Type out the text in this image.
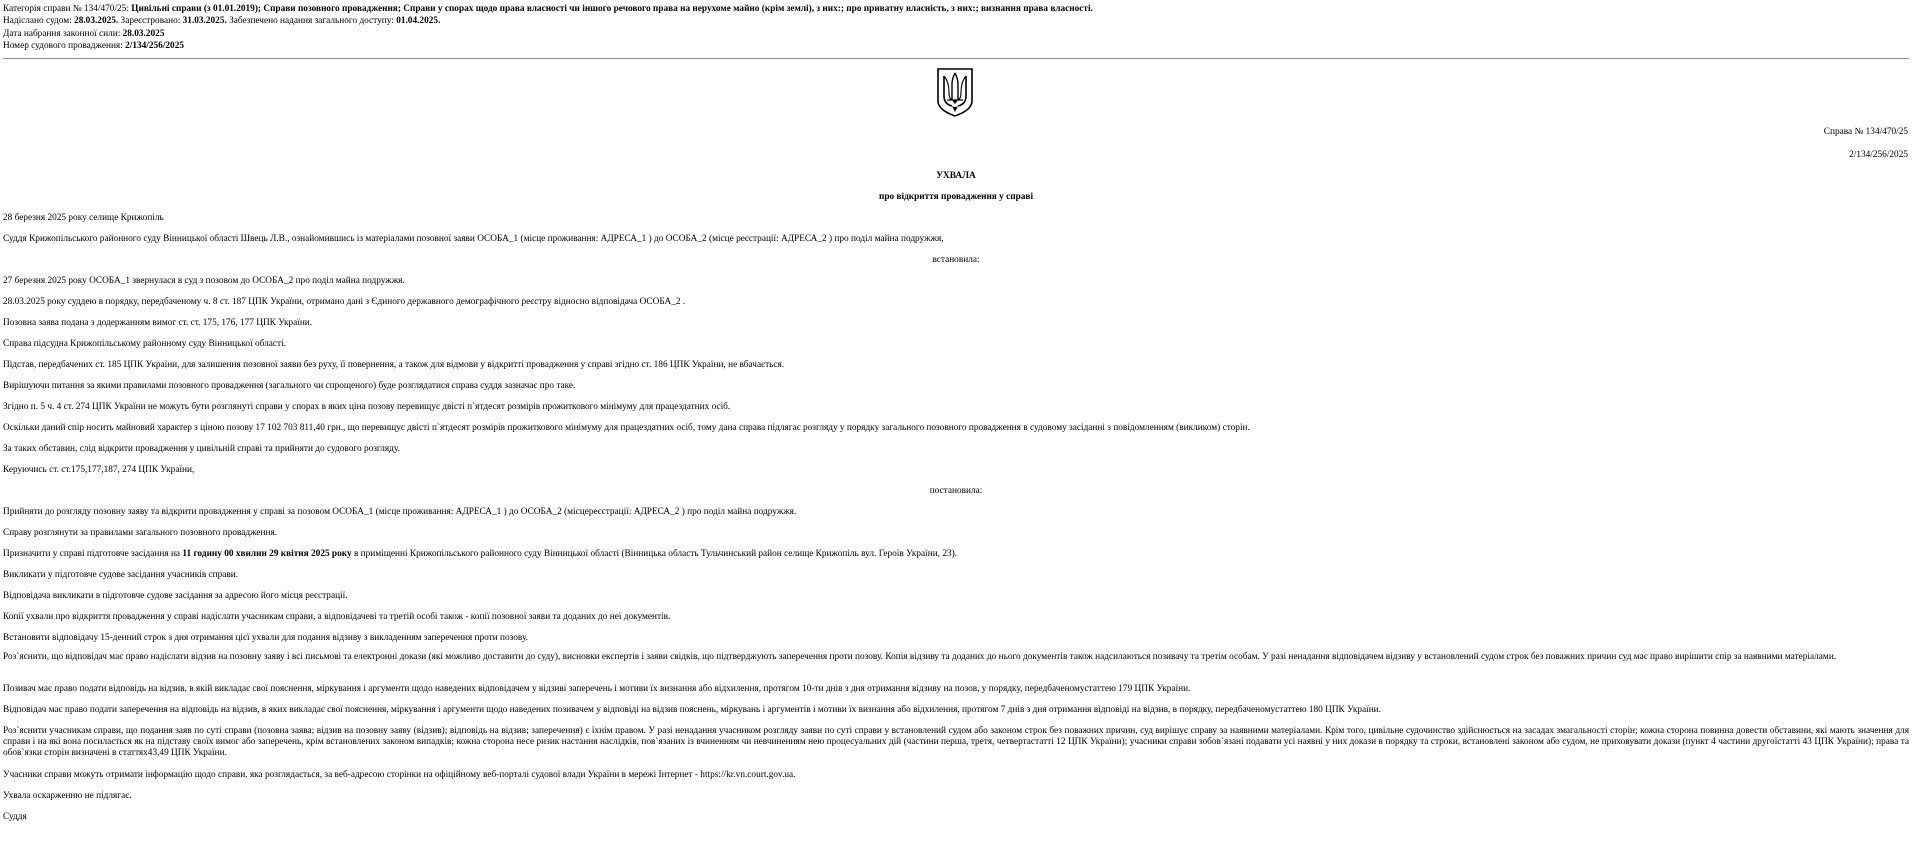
Категорія справи № 134/470/25: Цивільні справи (з 01.01.2019); Справи позовного провадження; Справи у спорах щодо права власності чи іншого речового права на нерухоме майно (крім землі), з них:; про приватну власність, з них:; визнання права власності.
Надіслано судом: 28.03.2025. Зареєстровано: 31.03.2025. Забезпечено надання загального доступу: 01.04.2025.
Дата набрання законної сили: 28.03.2025
Номер судового провадження: 2/134/256/2025
Справа № 134/470/25
2/134/256/2025
УХВАЛА
про відкриття провадження у справі
28 березня 2025 року селище Крижопіль
Суддя Крижопільського районного суду Вінницької області Швець Л.В., ознайомившись із матеріалами позовної заяви ОСОБА_1 (місце проживання: АДРЕСА_1 ) до ОСОБА_2 (місце реєстрації: АДРЕСА_2 ) про поділ майна подружжя,
встановила:
27 березня 2025 року ОСОБА_1 звернулася в суд з позовом до ОСОБА_2 про поділ майна подружжя.
28.03.2025 року суддею в порядку, передбаченому ч. 8 ст. 187 ЦПК України, отримано дані з Єдиного державного демографічного реєстру відносно відповідача ОСОБА_2 .
Позовна заява подана з додержанням вимог ст. ст. 175, 176, 177 ЦПК України.
Справа підсудна Крижопільському районному суду Вінницької області.
Підстав, передбачених ст. 185 ЦПК України, для залишення позовної заяви без руху, її повернення, а також для відмови у відкритті провадження у справі згідно ст. 186 ЦПК України, не вбачається.
Вирішуючи питання за якими правилами позовного провадження (загального чи спрощеного) буде розглядатися справа суддя зазначає про таке.
Згідно п. 5 ч. 4 ст. 274 ЦПК України не можуть бути розглянуті справи у спорах в яких ціна позову перевищує двісті п`ятдесят розмірів прожиткового мінімуму для працездатних осіб.
Оскільки даний спір носить майновий характер з ціною позову 17 102 703 811,40 грн., що перевищує двісті п`ятдесят розмірів прожиткового мінімуму для працездатних осіб, тому дана справа підлягає розгляду у порядку загального позовного провадження в судовому засіданні з повідомленням (викликом) сторін.
За таких обставин, слід відкрити провадження у цивільній справі та прийняти до судового розгляду.
Керуючись ст. ст.175,177,187, 274 ЦПК України,
постановила:
Прийняти до розгляду позовну заяву та відкрити провадження у справі за позовом ОСОБА_1 (місце проживання: АДРЕСА_1 ) до ОСОБА_2 (місцереєстрації: АДРЕСА_2 ) про поділ майна подружжя.
Справу розглянути за правилами загального позовного провадження.
Призначити у справі підготовче засідання на 11 годину 00 хвилин 29 квітня 2025 року в приміщенні Крижопільського районного суду Вінницької області (Вінницька область Тульчинський район селище Крижопіль вул. Героїв України, 23).
Викликати у підготовче судове засідання учасників справи.
Відповідача викликати в підготовче судове засідання за адресою його місця реєстрації.
Копії ухвали про відкриття провадження у справі надіслати учасникам справи, а відповідачеві та третій особі також - копії позовної заяви та доданих до неї документів.
Встановити відповідачу 15-денний строк з дня отримання цієї ухвали для подання відзиву з викладенням заперечення проти позову.
Роз`яснити, що відповідач має право надіслати відзив на позовну заяву і всі письмові та електронні докази (які можливо доставити до суду), висновки експертів і заяви свідків, що підтверджують заперечення проти позову. Копія відзиву та доданих до нього документів також надсилаються позивачу та третім особам. У разі ненадання відповідачем відзиву у встановлений судом строк без поважних причин суд має право вирішити спір за наявними матеріалами.
Позивач має право подати відповідь на відзив, в якій викладає свої пояснення, міркування і аргументи щодо наведених відповідачем у відзиві заперечень і мотиви їх визнання або відхилення, протягом 10-ти днів з дня отримання відзиву на позов, у порядку, передбаченомустаттею 179 ЦПК України.
Відповідач має право подати заперечення на відповідь на відзив, в яких викладає свої пояснення, міркування і аргументи щодо наведених позивачем у відповіді на відзив пояснень, міркувань і аргументів і мотиви їх визнання або відхилення, протягом 7 днів з дня отримання відповіді на відзив, в порядку, передбаченомустаттею 180 ЦПК України.
Роз`яснити учасникам справи, що подання заяв по суті справи (позовна заява; відзив на позовну заяву (відзив); відповідь на відзив; заперечення) є їхнім правом. У разі ненадання учасником розгляду заяви по суті справи у встановлений судом або законом строк без поважних причин, суд вирішує справу за наявними матеріалами. Крім того, цивільне судочинство здійснюється на засадах змагальності сторін; кожна сторона повинна довести обставини, які мають значення для справи і на які вона посилається як на підставу своїх вимог або заперечень, крім встановлених законом випадків; кожна сторона несе ризик настання наслідків, пов`язаних із вчиненням чи невчиненням нею процесуальних дій (частини перша, третя, четвертастатті 12 ЦПК України); учасники справи зобов`язані подавати усі наявні у них докази в порядку та строки, встановлені законом або судом, не приховувати докази (пункт 4 частини другоїстатті 43 ЦПК України); права та обов`язки сторін визначені в статтях43,49 ЦПК України.
Учасники справи можуть отримати інформацію щодо справи, яка розглядається, за веб-адресою сторінки на офіційному веб-порталі судової влади України в мережі Інтернет - https://kr.vn.court.gov.ua.
Ухвала оскарженню не підлягає.
Суддя
